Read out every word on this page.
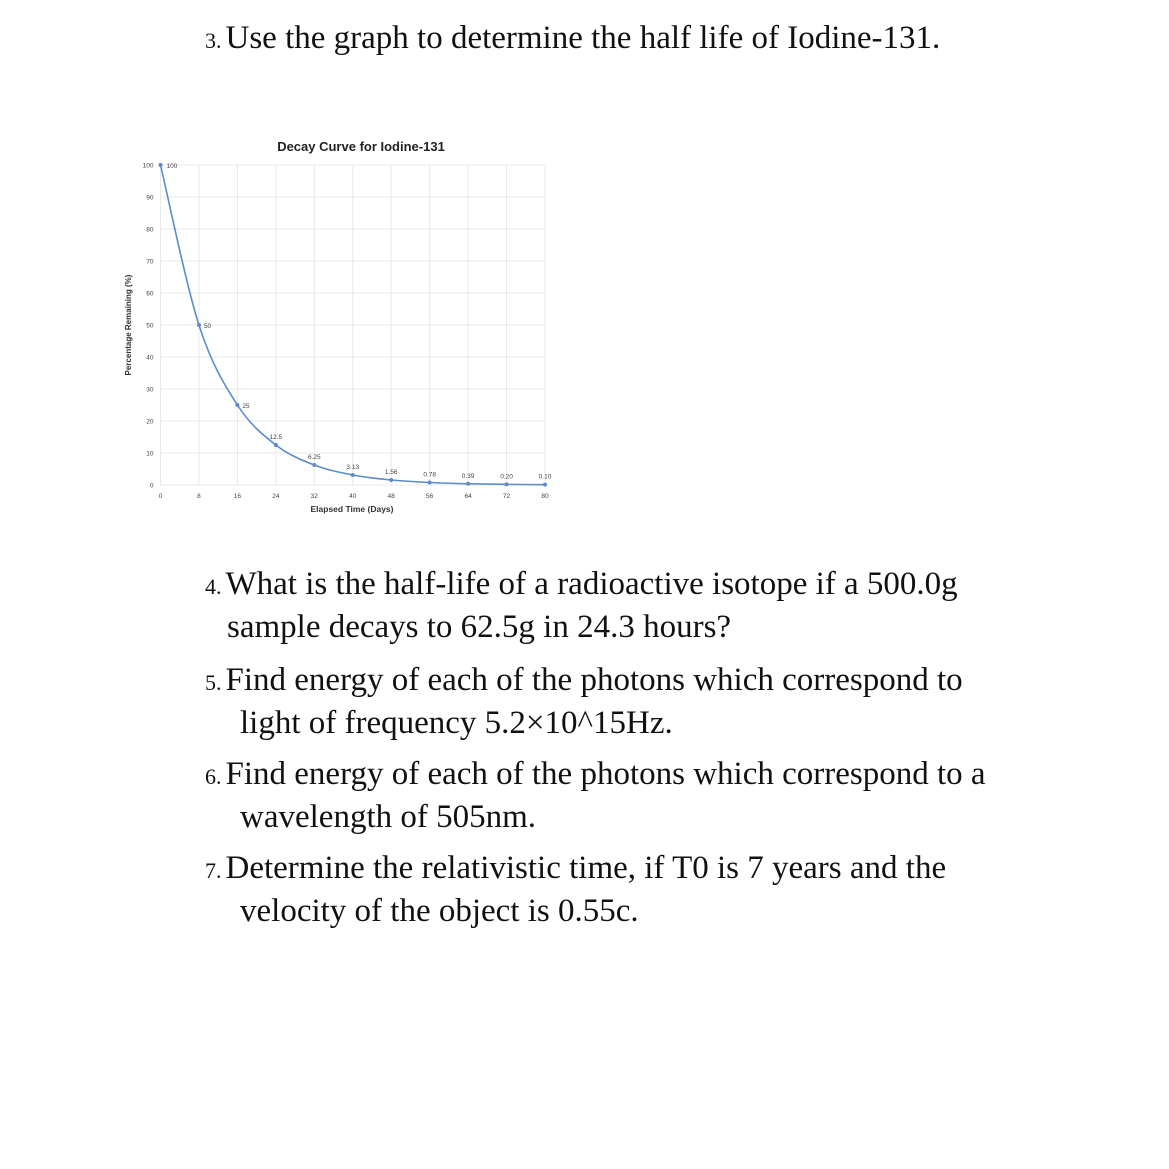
3. Use the graph to determine the half life of Iodine-131.
Decay Curve for Iodine-131
0
10
20
30
40
50
60
70
80
90
100
0	8	16	24	32	40	48	56	64	72	80
100
50
25
12.5
6.25
3.13
1.56	0.78	0.39	0.20	0.10
Elapsed Time (Days)
Percentage Remaining (%)
4. What is the half-life of a radioactive isotope if a 500.0g
sample decays to 62.5g in 24.3 hours?
5. Find energy of each of the photons which correspond to
light of frequency 5.2×10^15Hz.
6. Find energy of each of the photons which correspond to a
wavelength of 505nm.
7. Determine the relativistic time, if T0 is 7 years and the
velocity of the object is 0.55c.
